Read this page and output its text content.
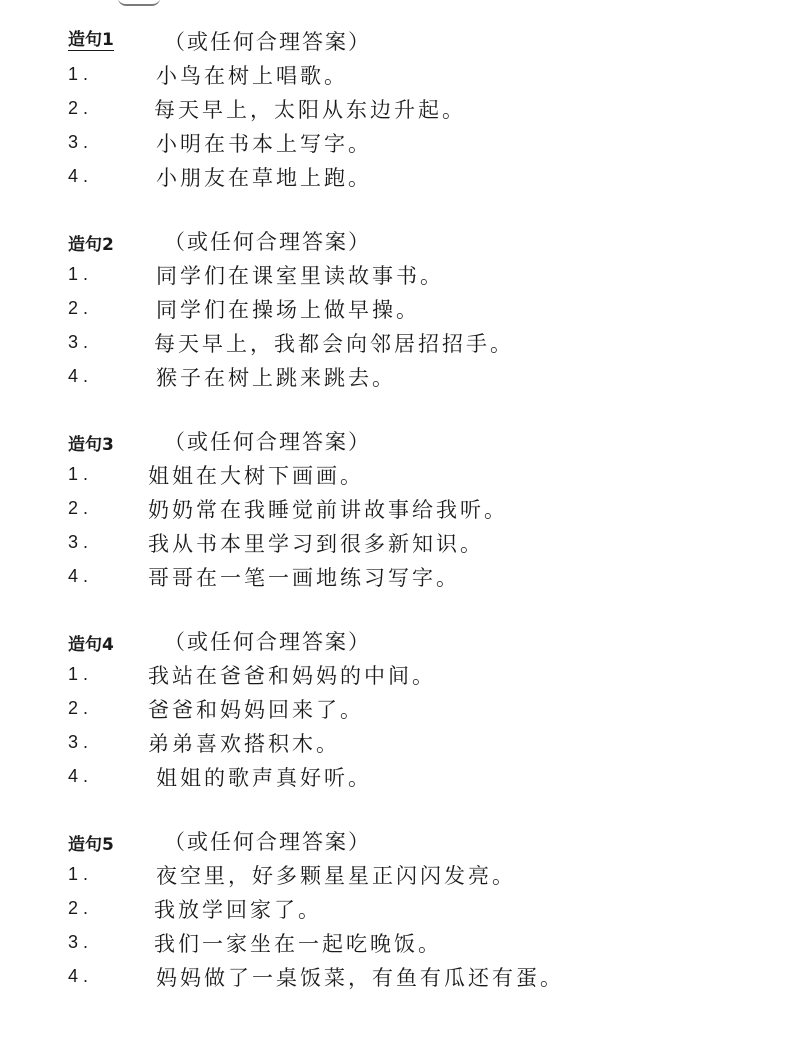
造句1 （或任何合理答案）
1 .	小鸟在树上唱歌。
2 .	每天早上，太阳从东边升起。
3 .	小明在书本上写字。
4 .	小朋友在草地上跑。
造句2 （或任何合理答案）
1 .	同学们在课室里读故事书。
2 .	同学们在操场上做早操。
3 .	每天早上，我都会向邻居招招手。
4 .	猴子在树上跳来跳去。
造句3 （或任何合理答案）
1 .	姐姐在大树下画画。
2 .	奶奶常在我睡觉前讲故事给我听。
3 .	我从书本里学习到很多新知识。
4 .	哥哥在一笔一画地练习写字。
造句4 （或任何合理答案）
1 .	我站在爸爸和妈妈的中间。
2 .	爸爸和妈妈回来了。
3 .	弟弟喜欢搭积木。
4 .	姐姐的歌声真好听。
造句5 （或任何合理答案）
1 .	夜空里，好多颗星星正闪闪发亮。
2 .	我放学回家了。
3 .	我们一家坐在一起吃晚饭。
4 .	妈妈做了一桌饭菜，有鱼有瓜还有蛋。
